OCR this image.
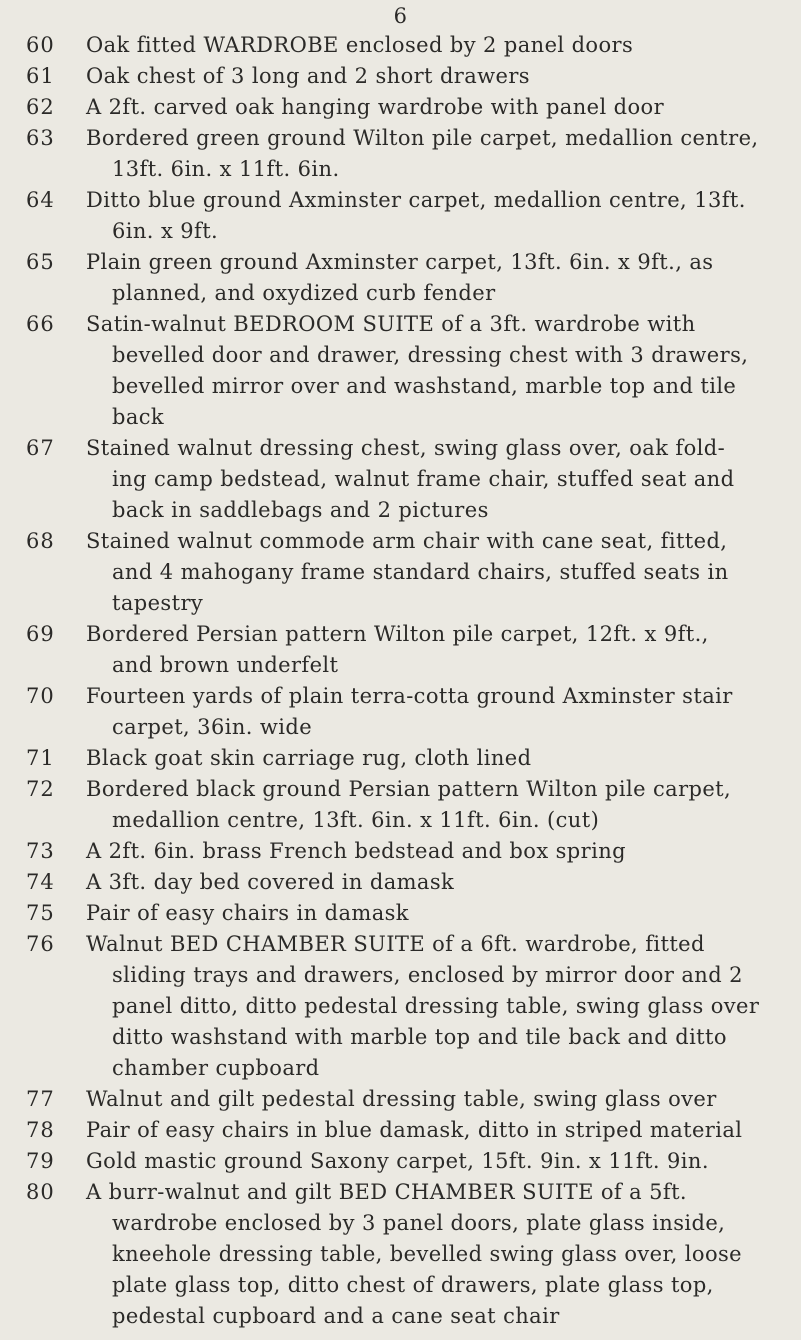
6
60	Oak fitted WARDROBE enclosed by 2 panel doors
61	Oak chest of 3 long and 2 short drawers
62	A 2ft. carved oak hanging wardrobe with panel door
63	Bordered green ground Wilton pile carpet, medallion centre,
13ft. 6in. x 11ft. 6in.
64	Ditto blue ground Axminster carpet, medallion centre, 13ft.
6in. x 9ft.
65	Plain green ground Axminster carpet, 13ft. 6in. x 9ft., as
planned, and oxydized curb fender
66	Satin-walnut BEDROOM SUITE of a 3ft. wardrobe with
bevelled door and drawer, dressing chest with 3 drawers,
bevelled mirror over and washstand, marble top and tile
back
67	Stained walnut dressing chest, swing glass over, oak fold-
ing camp bedstead, walnut frame chair, stuffed seat and
back in saddlebags and 2 pictures
68	Stained walnut commode arm chair with cane seat, fitted,
and 4 mahogany frame standard chairs, stuffed seats in
tapestry
69	Bordered Persian pattern Wilton pile carpet, 12ft. x 9ft.,
and brown underfelt
70	Fourteen yards of plain terra-cotta ground Axminster stair
carpet, 36in. wide
71	Black goat skin carriage rug, cloth lined
72	Bordered black ground Persian pattern Wilton pile carpet,
medallion centre, 13ft. 6in. x 11ft. 6in. (cut)
73	A 2ft. 6in. brass French bedstead and box spring
74	A 3ft. day bed covered in damask
75	Pair of easy chairs in damask
76	Walnut BED CHAMBER SUITE of a 6ft. wardrobe, fitted
sliding trays and drawers, enclosed by mirror door and 2
panel ditto, ditto pedestal dressing table, swing glass over
ditto washstand with marble top and tile back and ditto
chamber cupboard
77	Walnut and gilt pedestal dressing table, swing glass over
78	Pair of easy chairs in blue damask, ditto in striped material
79	Gold mastic ground Saxony carpet, 15ft. 9in. x 11ft. 9in.
80	A burr-walnut and gilt BED CHAMBER SUITE of a 5ft.
wardrobe enclosed by 3 panel doors, plate glass inside,
kneehole dressing table, bevelled swing glass over, loose
plate glass top, ditto chest of drawers, plate glass top,
pedestal cupboard and a cane seat chair
